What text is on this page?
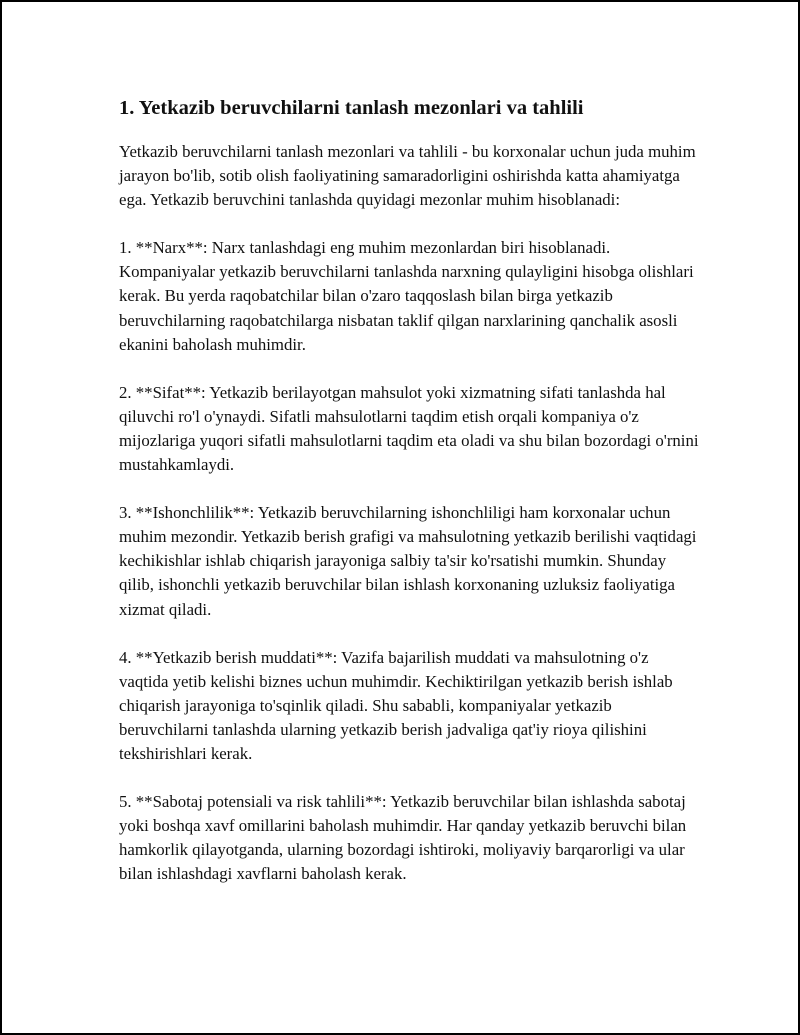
1. Yetkazib beruvchilarni tanlash mezonlari va tahlili

Yetkazib beruvchilarni tanlash mezonlari va tahlili - bu korxonalar uchun juda muhim jarayon bo'lib, sotib olish faoliyatining samaradorligini oshirishda katta ahamiyatga ega. Yetkazib beruvchini tanlashda quyidagi mezonlar muhim hisoblanadi:

1. **Narx**: Narx tanlashdagi eng muhim mezonlardan biri hisoblanadi. Kompaniyalar yetkazib beruvchilarni tanlashda narxning qulayligini hisobga olishlari kerak. Bu yerda raqobatchilar bilan o'zaro taqqoslash bilan birga yetkazib beruvchilarning raqobatchilarga nisbatan taklif qilgan narxlarining qanchalik asosli ekanini baholash muhimdir.

2. **Sifat**: Yetkazib berilayotgan mahsulot yoki xizmatning sifati tanlashda hal qiluvchi ro'l o'ynaydi. Sifatli mahsulotlarni taqdim etish orqali kompaniya o'z mijozlariga yuqori sifatli mahsulotlarni taqdim eta oladi va shu bilan bozordagi o'rnini mustahkamlaydi.

3. **Ishonchlilik**: Yetkazib beruvchilarning ishonchliligi ham korxonalar uchun muhim mezondir. Yetkazib berish grafigi va mahsulotning yetkazib berilishi vaqtidagi kechikishlar ishlab chiqarish jarayoniga salbiy ta'sir ko'rsatishi mumkin. Shunday qilib, ishonchli yetkazib beruvchilar bilan ishlash korxonaning uzluksiz faoliyatiga xizmat qiladi.

4. **Yetkazib berish muddati**: Vazifa bajarilish muddati va mahsulotning o'z vaqtida yetib kelishi biznes uchun muhimdir. Kechiktirilgan yetkazib berish ishlab chiqarish jarayoniga to'sqinlik qiladi. Shu sababli, kompaniyalar yetkazib beruvchilarni tanlashda ularning yetkazib berish jadvaliga qat'iy rioya qilishini tekshirishlari kerak.

5. **Sabotaj potensiali va risk tahlili**: Yetkazib beruvchilar bilan ishlashda sabotaj yoki boshqa xavf omillarini baholash muhimdir. Har qanday yetkazib beruvchi bilan hamkorlik qilayotganda, ularning bozordagi ishtiroki, moliyaviy barqarorligi va ular bilan ishlashdagi xavflarni baholash kerak.
